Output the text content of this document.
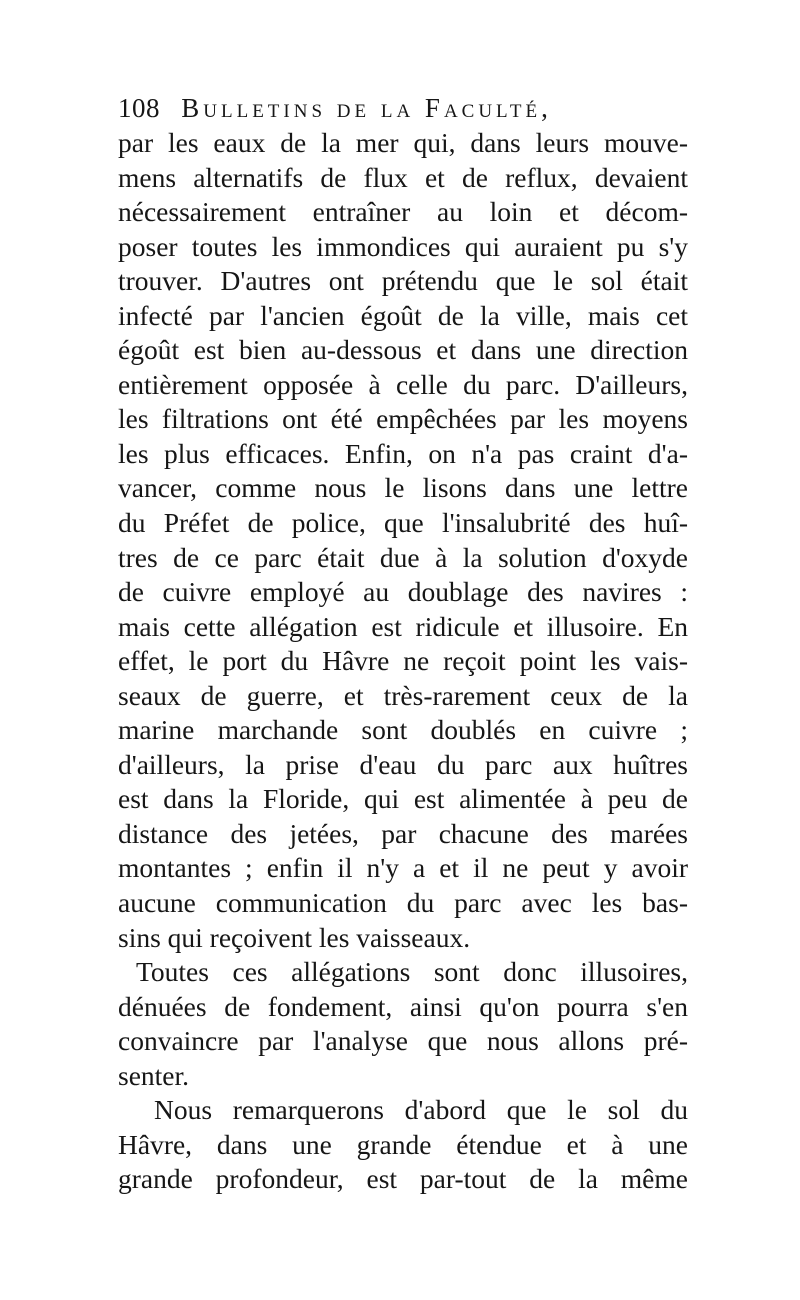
108 Bulletins de la Faculté,
par les eaux de la mer qui, dans leurs mouve-
mens alternatifs de flux et de reflux, devaient
nécessairement entraîner au loin et décom-
poser toutes les immondices qui auraient pu s'y
trouver. D'autres ont prétendu que le sol était
infecté par l'ancien égoût de la ville, mais cet
égoût est bien au-dessous et dans une direction
entièrement opposée à celle du parc. D'ailleurs,
les filtrations ont été empêchées par les moyens
les plus efficaces. Enfin, on n'a pas craint d'a-
vancer, comme nous le lisons dans une lettre
du Préfet de police, que l'insalubrité des huî-
tres de ce parc était due à la solution d'oxyde
de cuivre employé au doublage des navires :
mais cette allégation est ridicule et illusoire. En
effet, le port du Hâvre ne reçoit point les vais-
seaux de guerre, et très-rarement ceux de la
marine marchande sont doublés en cuivre ;
d'ailleurs, la prise d'eau du parc aux huîtres
est dans la Floride, qui est alimentée à peu de
distance des jetées, par chacune des marées
montantes ; enfin il n'y a et il ne peut y avoir
aucune communication du parc avec les bas-
sins qui reçoivent les vaisseaux.
Toutes ces allégations sont donc illusoires,
dénuées de fondement, ainsi qu'on pourra s'en
convaincre par l'analyse que nous allons pré-
senter.
Nous remarquerons d'abord que le sol du
Hâvre, dans une grande étendue et à une
grande profondeur, est par-tout de la même
